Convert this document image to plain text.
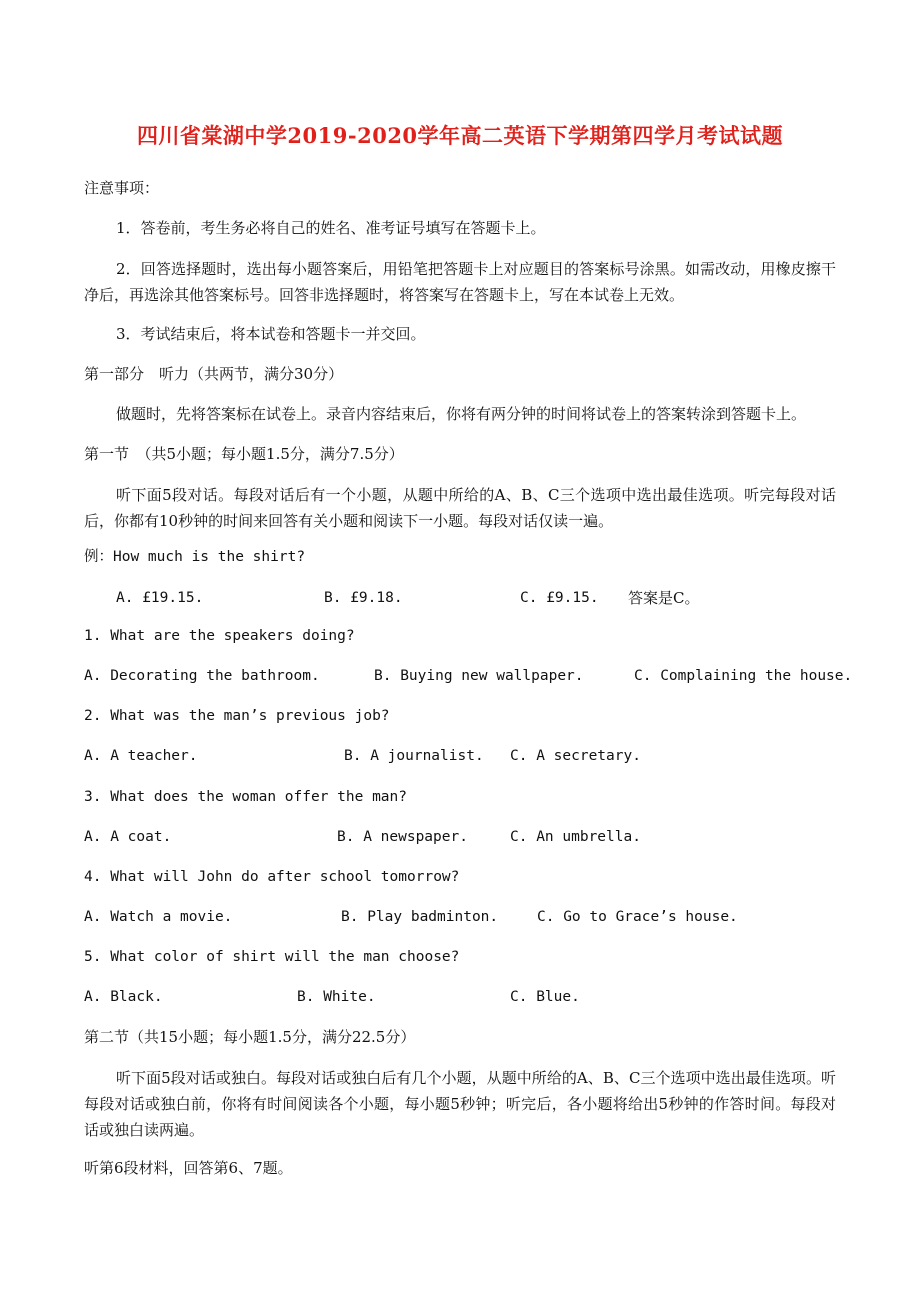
四川省棠湖中学2019-2020学年高二英语下学期第四学月考试试题
注意事项：
1．答卷前，考生务必将自己的姓名、准考证号填写在答题卡上。
2．回答选择题时，选出每小题答案后，用铅笔把答题卡上对应题目的答案标号涂黑。如需改动，用橡皮擦干净后，再选涂其他答案标号。回答非选择题时，将答案写在答题卡上，写在本试卷上无效。
3．考试结束后，将本试卷和答题卡一并交回。
第一部分　听力（共两节，满分30分）
做题时，先将答案标在试卷上。录音内容结束后，你将有两分钟的时间将试卷上的答案转涂到答题卡上。
第一节　（共5小题；每小题1.5分，满分7.5分）
听下面5段对话。每段对话后有一个小题，从题中所给的A、B、C三个选项中选出最佳选项。听完每段对话后，你都有10秒钟的时间来回答有关小题和阅读下一小题。每段对话仅读一遍。
例：How much is the shirt?
A. £19.15.	B. £9.18.	C. £9.15. 答案是C。
1. What are the speakers doing?
A. Decorating the bathroom.	B. Buying new wallpaper.	C. Complaining the house.
2. What was the man’s previous job?
A. A teacher.	B. A journalist. C. A secretary.
3. What does the woman offer the man?
A. A coat.	B. A newspaper.	C. An umbrella.
4. What will John do after school tomorrow?
A. Watch a movie.	B. Play badminton.	C. Go to Grace’s house.
5. What color of shirt will the man choose?
A. Black.	B. White.	C. Blue.
第二节（共15小题；每小题1.5分，满分22.5分）
听下面5段对话或独白。每段对话或独白后有几个小题，从题中所给的A、B、C三个选项中选出最佳选项。听每段对话或独白前，你将有时间阅读各个小题，每小题5秒钟；听完后，各小题将给出5秒钟的作答时间。每段对话或独白读两遍。
听第6段材料，回答第6、7题。
